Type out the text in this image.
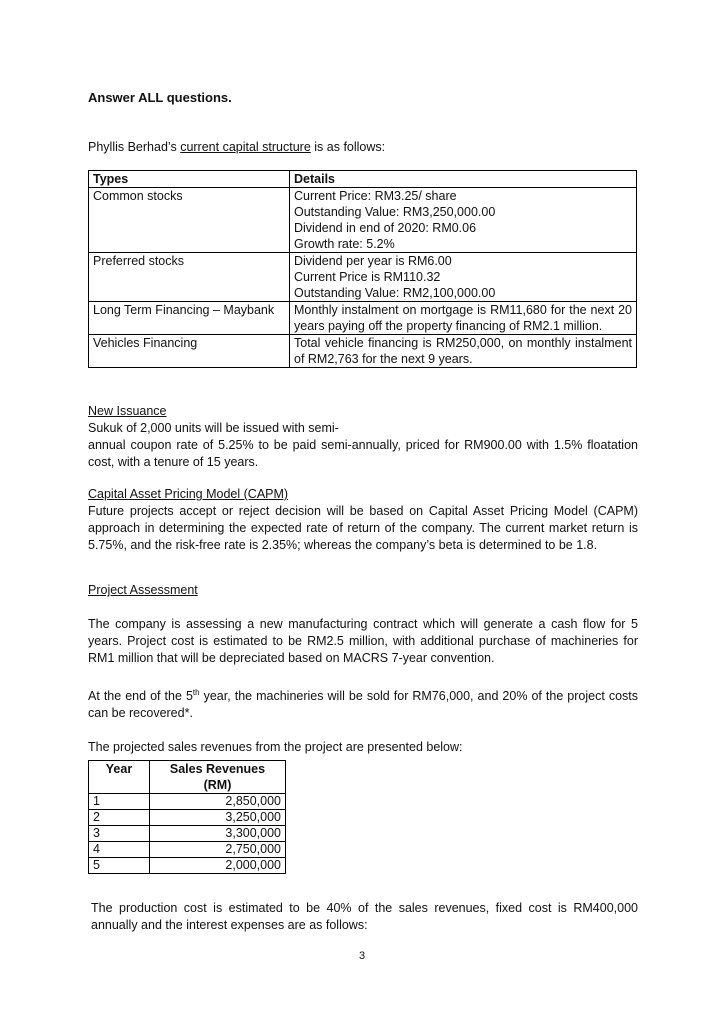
Answer ALL questions.
Phyllis Berhad’s current capital structure is as follows:
Types	Details
Common stocks	Current Price: RM3.25/ share
Outstanding Value: RM3,250,000.00
Dividend in end of 2020: RM0.06
Growth rate: 5.2%

Preferred stocks	Dividend per year is RM6.00
Current Price is RM110.32
Outstanding Value: RM2,100,000.00

Long Term Financing – Maybank	Monthly instalment on mortgage is RM11,680 for the next 20 years paying off the property financing of RM2.1 million.
Vehicles Financing	Total vehicle financing is RM250,000, on monthly instalment of RM2,763 for the next 9 years.
New Issuance
Sukuk of 2,000 units will be issued with semi-
annual coupon rate of 5.25% to be paid semi-annually, priced for RM900.00 with 1.5% floatation cost, with a tenure of 15 years.
Capital Asset Pricing Model (CAPM)
Future projects accept or reject decision will be based on Capital Asset Pricing Model (CAPM) approach in determining the expected rate of return of the company. The current market return is 5.75%, and the risk-free rate is 2.35%; whereas the company’s beta is determined to be 1.8.
Project Assessment
The company is assessing a new manufacturing contract which will generate a cash flow for 5 years. Project cost is estimated to be RM2.5 million, with additional purchase of machineries for RM1 million that will be depreciated based on MACRS 7-year convention.
At the end of the 5th year, the machineries will be sold for RM76,000, and 20% of the project costs can be recovered*.
The projected sales revenues from the project are presented below:
Year	Sales Revenues
(RM)

1	2,850,000
2	3,250,000
3	3,300,000
4	2,750,000
5	2,000,000
The production cost is estimated to be 40% of the sales revenues, fixed cost is RM400,000 annually and the interest expenses are as follows:
3
